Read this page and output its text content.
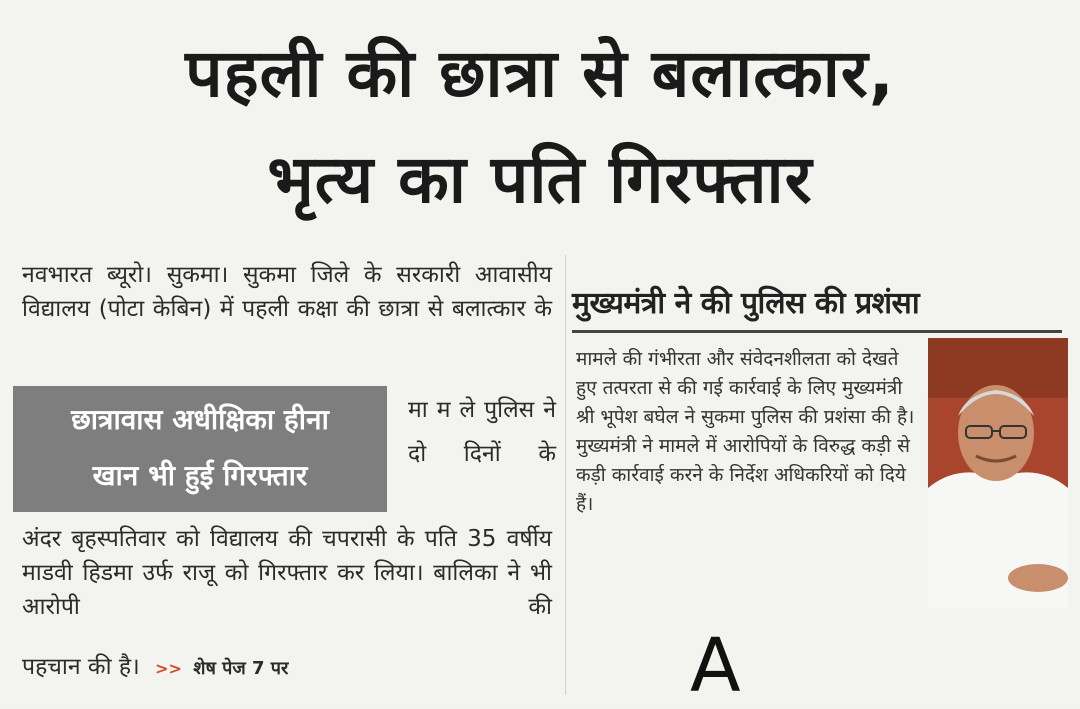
पहली की छात्रा से बलात्कार,
भृत्य का पति गिरफ्तार
नवभारत ब्यूरो। सुकमा। सुकमा जिले के सरकारी आवासीय विद्यालय (पोटा केबिन) में पहली कक्षा की छात्रा से बलात्कार के
छात्रावास अधीक्षिका हीना
खान भी हुई गिरफ्तार
मा म ले पुलिस ने दो दिनों के
अंदर बृहस्पतिवार को विद्यालय की चपरासी के पति 35 वर्षीय माडवी हिडमा उर्फ राजू को गिरफ्तार कर लिया। बालिका ने भी आरोपी की
पहचान की है। >> शेष पेज 7 पर
मुख्यमंत्री ने की पुलिस की प्रशंसा
मामले की गंभीरता और संवेदनशीलता को देखते हुए तत्परता से की गई कार्रवाई के लिए मुख्यमंत्री श्री भूपेश बघेल ने सुकमा पुलिस की प्रशंसा की है। मुख्यमंत्री ने मामले में आरोपियों के विरुद्ध कड़ी से कड़ी कार्रवाई करने के निर्देश अधिकरियों को दिये हैं।
A
